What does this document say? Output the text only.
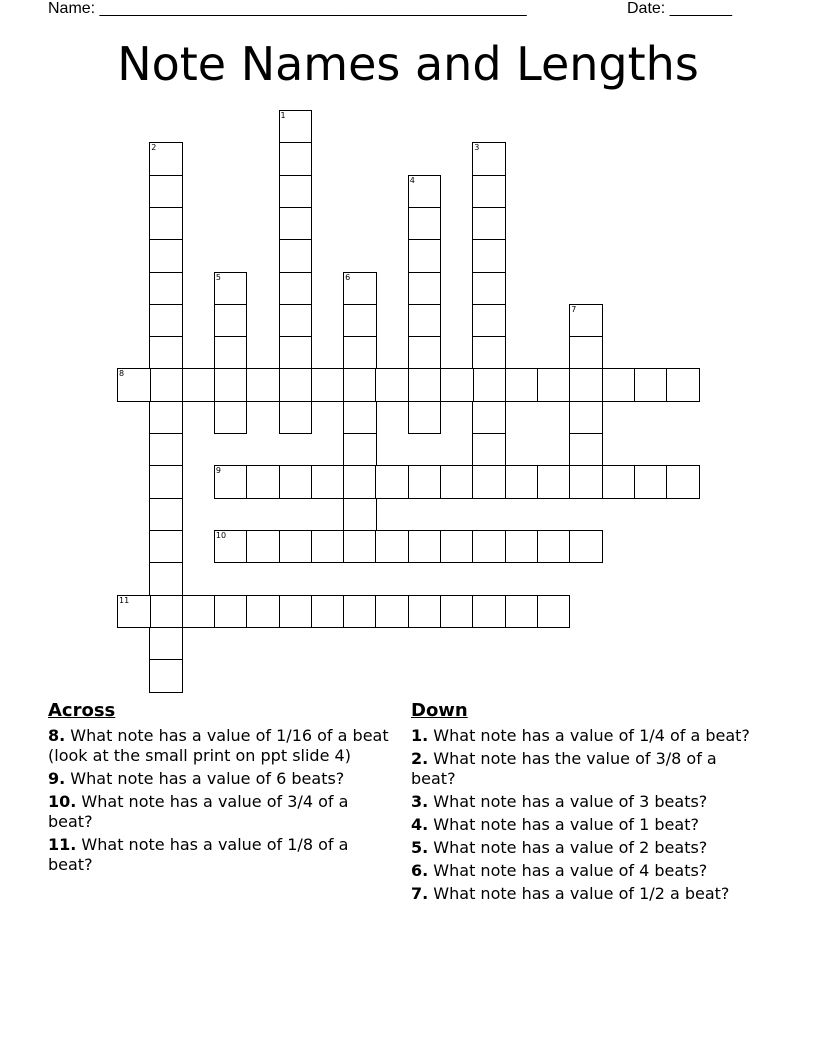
Name: ________________________________________________	Date: _______
Note Names and Lengths
1
2	3
4
5	6
7
8
9
10
11
Across
8. What note has a value of 1/16 of a beat (look at the small print on ppt slide 4)
9. What note has a value of 6 beats?
10. What note has a value of 3/4 of a beat?
11. What note has a value of 1/8 of a beat?
Down
1. What note has a value of 1/4 of a beat?
2. What note has the value of 3/8 of a beat?
3. What note has a value of 3 beats?
4. What note has a value of 1 beat?
5. What note has a value of 2 beats?
6. What note has a value of 4 beats?
7. What note has a value of 1/2 a beat?
